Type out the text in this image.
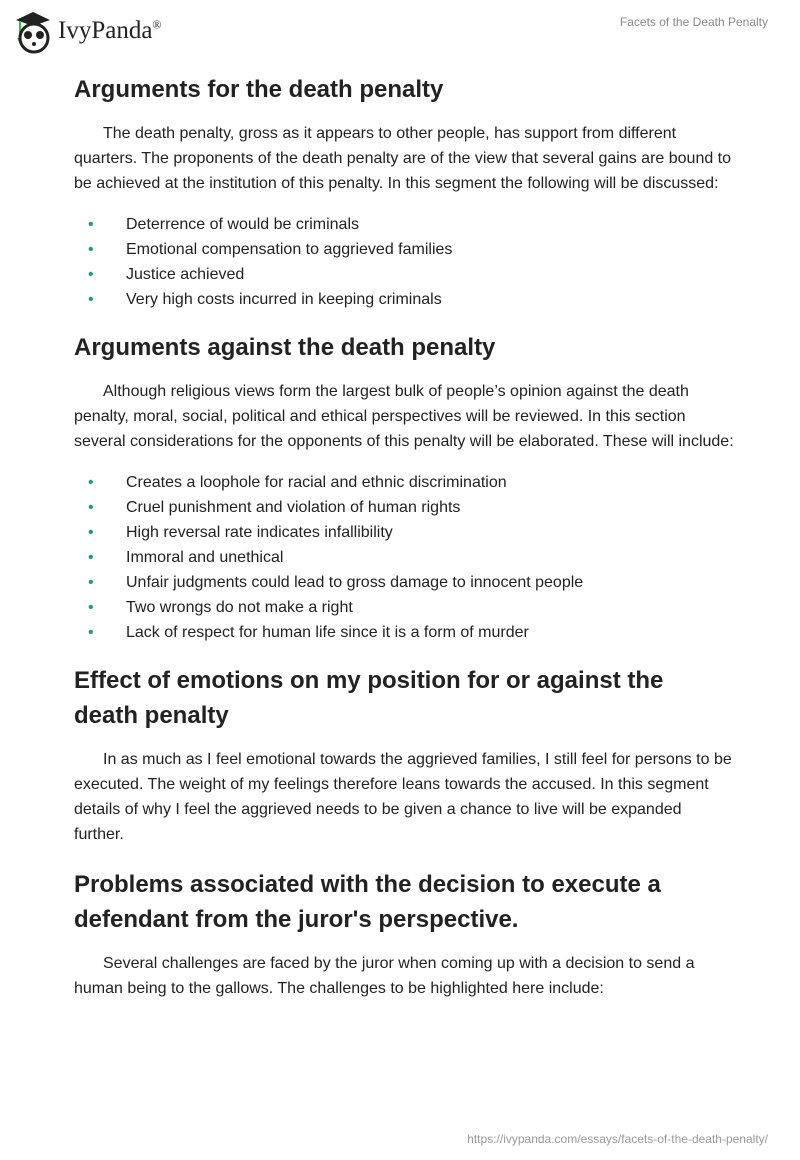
IvyPanda®	Facets of the Death Penalty
Arguments for the death penalty

The death penalty, gross as it appears to other people, has support from different quarters. The proponents of the death penalty are of the view that several gains are bound to be achieved at the institution of this penalty. In this segment the following will be discussed:

• Deterrence of would be criminals
• Emotional compensation to aggrieved families
• Justice achieved
• Very high costs incurred in keeping criminals
Arguments against the death penalty

Although religious views form the largest bulk of people’s opinion against the death penalty, moral, social, political and ethical perspectives will be reviewed. In this section several considerations for the opponents of this penalty will be elaborated. These will include:

• Creates a loophole for racial and ethnic discrimination
• Cruel punishment and violation of human rights
• High reversal rate indicates infallibility
• Immoral and unethical
• Unfair judgments could lead to gross damage to innocent people
• Two wrongs do not make a right
• Lack of respect for human life since it is a form of murder
Effect of emotions on my position for or against the death penalty

In as much as I feel emotional towards the aggrieved families, I still feel for persons to be executed. The weight of my feelings therefore leans towards the accused. In this segment details of why I feel the aggrieved needs to be given a chance to live will be expanded further.

Problems associated with the decision to execute a defendant from the juror's perspective.

Several challenges are faced by the juror when coming up with a decision to send a human being to the gallows. The challenges to be highlighted here include:

https://ivypanda.com/essays/facets-of-the-death-penalty/
